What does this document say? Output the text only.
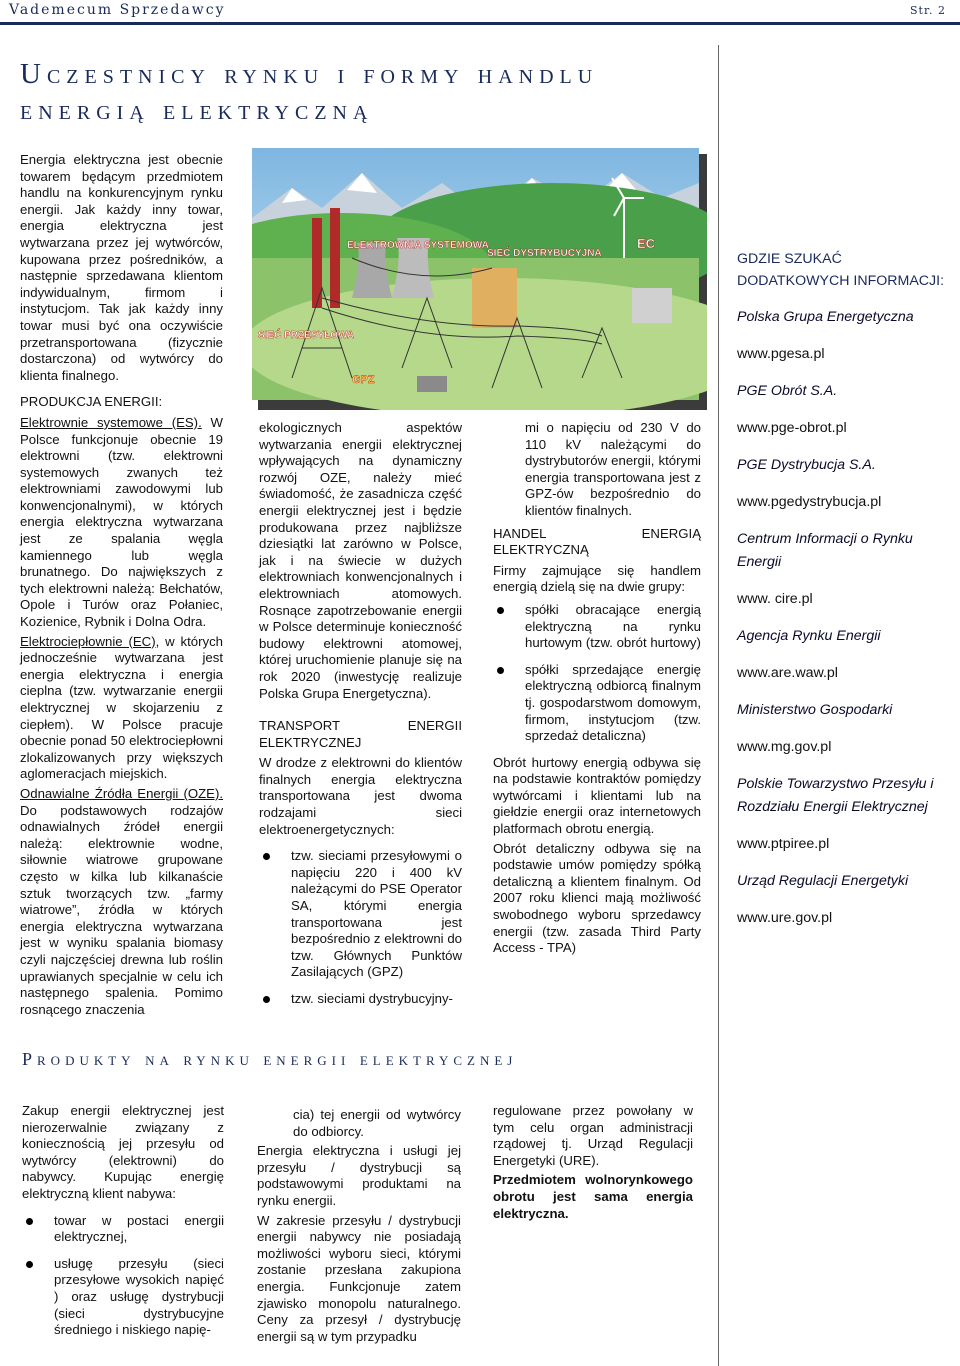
Vademecum Sprzedawcy	Str. 2
Uczestnicy rynku i formy handlu
energią elektryczną

Energia elektryczna jest obecnie towarem będącym przedmiotem handlu na konkurencyjnym rynku energii. Jak każdy inny towar, energia elektryczna jest wytwarzana przez jej wytwórców, kupowana przez pośredników, a następnie sprzedawana klientom indywidualnym, firmom i instytucjom. Tak jak każdy inny towar musi być ona oczywiście przetransportowana (fizycznie dostarczona) od wytwórcy do klienta finalnego.

PRODUKCJA ENERGII:

Elektrownie systemowe (ES). W Polsce funkcjonuje obecnie 19 elektrowni (tzw. elektrowni systemowych zwanych też elektrowniami zawodowymi lub konwencjonalnymi), w których energia elektryczna wytwarzana jest ze spalania węgla kamiennego lub węgla brunatnego. Do największych z tych elektrowni należą: Bełchatów, Opole i Turów oraz Połaniec, Kozienice, Rybnik i Dolna Odra.

Elektrociepłownie (EC), w których jednocześnie wytwarzana jest energia elektryczna i energia cieplna (tzw. wytwarzanie energii elektrycznej w skojarzeniu z ciepłem). W Polsce pracuje obecnie ponad 50 elektrociepłowni zlokalizowanych przy większych aglomeracjach miejskich.

Odnawialne Źródła Energii (OZE). Do podstawowych rodzajów odnawialnych źródeł energii należą: elektrownie wodne, siłownie wiatrowe grupowane często w kilka lub kilkanaście sztuk tworzących tzw. „farmy wiatrowe”, źródła w których energia elektryczna wytwarzana jest w wyniku spalania biomasy czyli najczęściej drewna lub roślin uprawianych specjalnie w celu ich następnego spalenia. Pomimo rosnącego znaczenia

ELEKTROWNIA SYSTEMOWA
SIEĆ DYSTRYBUCYJNA
EC
SIEĆ PRZESYŁOWA
GPZ

ekologicznych aspektów wytwarzania energii elektrycznej wpływających na dynamiczny rozwój OZE, należy mieć świadomość, że zasadnicza część energii elektrycznej jest i będzie produkowana przez najbliższe dziesiątki lat zarówno w Polsce, jak i na świecie w dużych elektrowniach konwencjonalnych i elektrowniach atomowych. Rosnące zapotrzebowanie energii w Polsce determinuje konieczność budowy elektrowni atomowej, której uruchomienie planuje się na rok 2020 (inwestycję realizuje Polska Grupa Energetyczna).

TRANSPORT ENERGII ELEKTRYCZNEJ

W drodze z elektrowni do klientów finalnych energia elektryczna transportowana jest dwoma rodzajami sieci elektroenergetycznych:

tzw. sieciami przesyłowymi o napięciu 220 i 400 kV należącymi do PSE Operator SA, którymi energia transportowana jest bezpośrednio z elektrowni do tzw. Głównych Punktów Zasilających (GPZ)
tzw. sieciami dystrybucyjny-

mi o napięciu od 230 V do 110 kV należącymi do dystrybutorów energii, którymi energia transportowana jest z GPZ-ów bezpośrednio do klientów finalnych.

HANDEL ENERGIĄ ELEKTRYCZNĄ

Firmy zajmujące się handlem energią dzielą się na dwie grupy:

spółki obracające energią elektryczną na rynku hurtowym (tzw. obrót hurtowy)
spółki sprzedające energię elektryczną odbiorcą finalnym tj. gospodarstwom domowym, firmom, instytucjom (tzw. sprzedaż detaliczna)

Obrót hurtowy energią odbywa się na podstawie kontraktów pomiędzy wytwórcami i klientami lub na giełdzie energii oraz internetowych platformach obrotu energią.

Obrót detaliczny odbywa się na podstawie umów pomiędzy spółką detaliczną a klientem finalnym. Od 2007 roku klienci mają możliwość swobodnego wyboru sprzedawcy energii (tzw. zasada Third Party Access - TPA)

Produkty na rynku energii elektrycznej

Zakup energii elektrycznej jest nierozerwalnie związany z koniecznością jej przesyłu od wytwórcy (elektrowni) do nabywcy. Kupując energię elektryczną klient nabywa:

towar w postaci energii elektrycznej,
usługę przesyłu (sieci przesyłowe wysokich napięć ) oraz usługę dystrybucji (sieci dystrybucyjne średniego i niskiego napię-

cia) tej energii od wytwórcy do odbiorcy.

Energia elektryczna i usługi jej przesyłu / dystrybucji są podstawowymi produktami na rynku energii.

W zakresie przesyłu / dystrybucji energii nabywcy nie posiadają możliwości wyboru sieci, którymi zostanie przesłana zakupiona energia. Funkcjonuje zatem zjawisko monopolu naturalnego. Ceny za przesył / dystrybucję energii są w tym przypadku

regulowane przez powołany w tym celu organ administracji rządowej tj. Urząd Regulacji Energetyki (URE).

Przedmiotem wolnorynkowego obrotu jest sama energia elektryczna.

GDZIE SZUKAĆ DODATKOWYCH INFORMACJI:

Polska Grupa Energetyczna

www.pgesa.pl

PGE Obrót S.A.

www.pge-obrot.pl

PGE Dystrybucja S.A.

www.pgedystrybucja.pl

Centrum Informacji o Rynku Energii

www. cire.pl

Agencja Rynku Energii

www.are.waw.pl

Ministerstwo Gospodarki

www.mg.gov.pl

Polskie Towarzystwo Przesyłu i Rozdziału Energii Elektrycznej

www.ptpiree.pl

Urząd Regulacji Energetyki

www.ure.gov.pl
